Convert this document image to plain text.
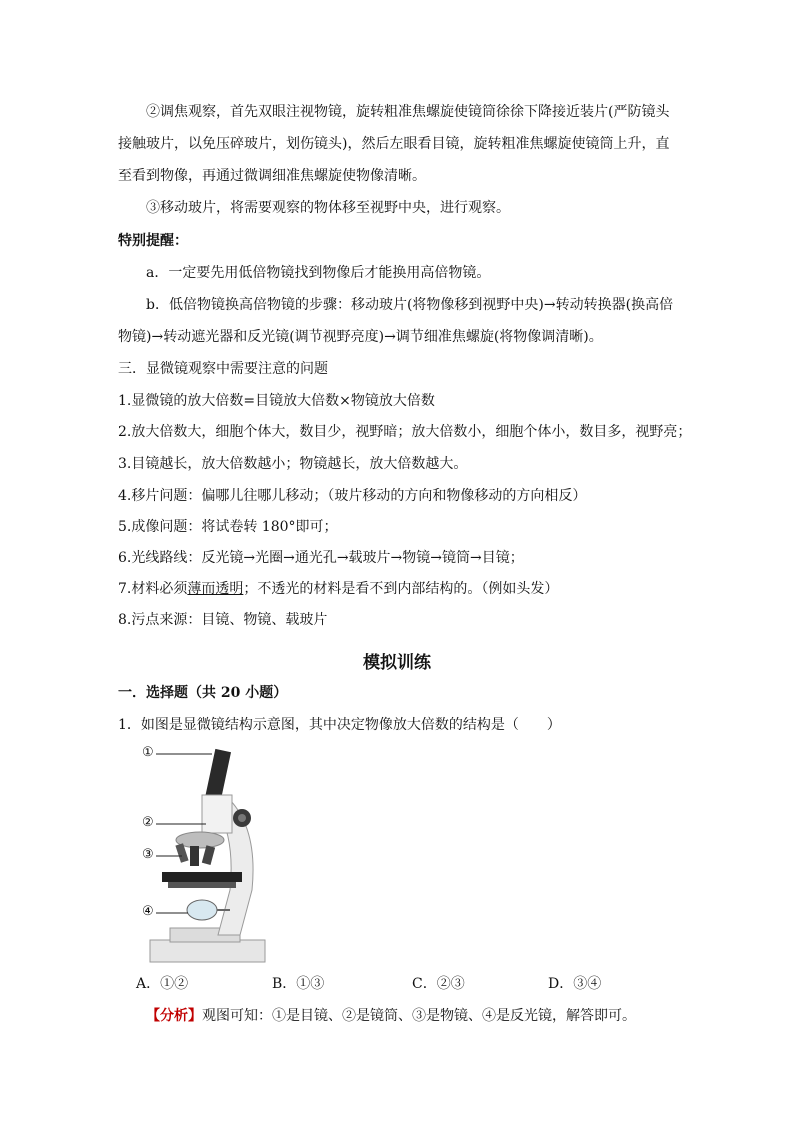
②调焦观察，首先双眼注视物镜，旋转粗准焦螺旋使镜筒徐徐下降接近装片(严防镜头
接触玻片，以免压碎玻片，划伤镜头)，然后左眼看目镜，旋转粗准焦螺旋使镜筒上升，直
至看到物像，再通过微调细准焦螺旋使物像清晰。
③移动玻片，将需要观察的物体移至视野中央，进行观察。
特别提醒：
a．一定要先用低倍物镜找到物像后才能换用高倍物镜。
b．低倍物镜换高倍物镜的步骤：移动玻片(将物像移到视野中央)→转动转换器(换高倍
物镜)→转动遮光器和反光镜(调节视野亮度)→调节细准焦螺旋(将物像调清晰)。
三．显微镜观察中需要注意的问题
1.显微镜的放大倍数=目镜放大倍数×物镜放大倍数
2.放大倍数大，细胞个体大，数目少，视野暗；放大倍数小，细胞个体小，数目多，视野亮；
3.目镜越长，放大倍数越小；物镜越长，放大倍数越大。
4.移片问题：偏哪儿往哪儿移动；（玻片移动的方向和物像移动的方向相反）
5.成像问题：将试卷转 180°即可；
6.光线路线：反光镜→光圈→通光孔→载玻片→物镜→镜筒→目镜；
7.材料必须薄而透明；不透光的材料是看不到内部结构的。（例如头发）
8.污点来源：目镜、物镜、载玻片
模拟训练
一．选择题（共 20 小题）
1．如图是显微镜结构示意图，其中决定物像放大倍数的结构是（　　）
①
②
③
④
A．①②	B．①③	C．②③	D．③④
【分析】观图可知：①是目镜、②是镜筒、③是物镜、④是反光镜，解答即可。
